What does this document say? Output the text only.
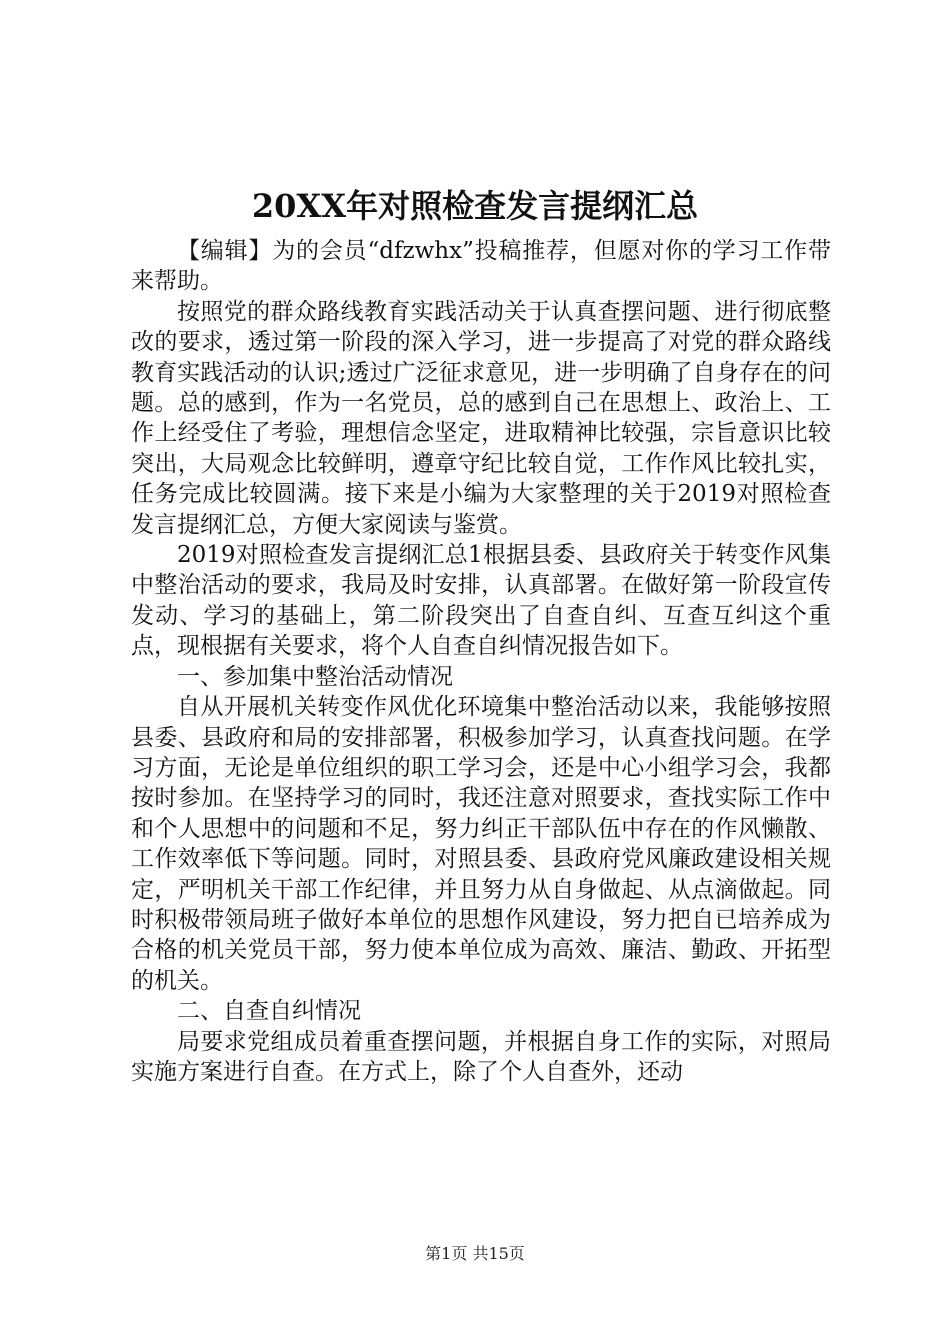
20XX年对照检查发言提纲汇总

【编辑】为的会员“dfzwhx”投稿推荐，但愿对你的学习工作带来帮助。

按照党的群众路线教育实践活动关于认真查摆问题、进行彻底整改的要求，透过第一阶段的深入学习，进一步提高了对党的群众路线教育实践活动的认识;透过广泛征求意见，进一步明确了自身存在的问题。总的感到，作为一名党员，总的感到自己在思想上、政治上、工作上经受住了考验，理想信念坚定，进取精神比较强，宗旨意识比较突出，大局观念比较鲜明，遵章守纪比较自觉，工作作风比较扎实，任务完成比较圆满。接下来是小编为大家整理的关于2019对照检查发言提纲汇总，方便大家阅读与鉴赏。

2019对照检查发言提纲汇总1根据县委、县政府关于转变作风集中整治活动的要求，我局及时安排，认真部署。在做好第一阶段宣传发动、学习的基础上，第二阶段突出了自查自纠、互查互纠这个重点，现根据有关要求，将个人自查自纠情况报告如下。

一、参加集中整治活动情况

自从开展机关转变作风优化环境集中整治活动以来，我能够按照县委、县政府和局的安排部署，积极参加学习，认真查找问题。在学习方面，无论是单位组织的职工学习会，还是中心小组学习会，我都按时参加。在坚持学习的同时，我还注意对照要求，查找实际工作中和个人思想中的问题和不足，努力纠正干部队伍中存在的作风懒散、工作效率低下等问题。同时，对照县委、县政府党风廉政建设相关规定，严明机关干部工作纪律，并且努力从自身做起、从点滴做起。同时积极带领局班子做好本单位的思想作风建设，努力把自已培养成为合格的机关党员干部，努力使本单位成为高效、廉洁、勤政、开拓型的机关。

二、自查自纠情况

局要求党组成员着重查摆问题，并根据自身工作的实际，对照局实施方案进行自查。在方式上，除了个人自查外，还动

第1页 共15页
